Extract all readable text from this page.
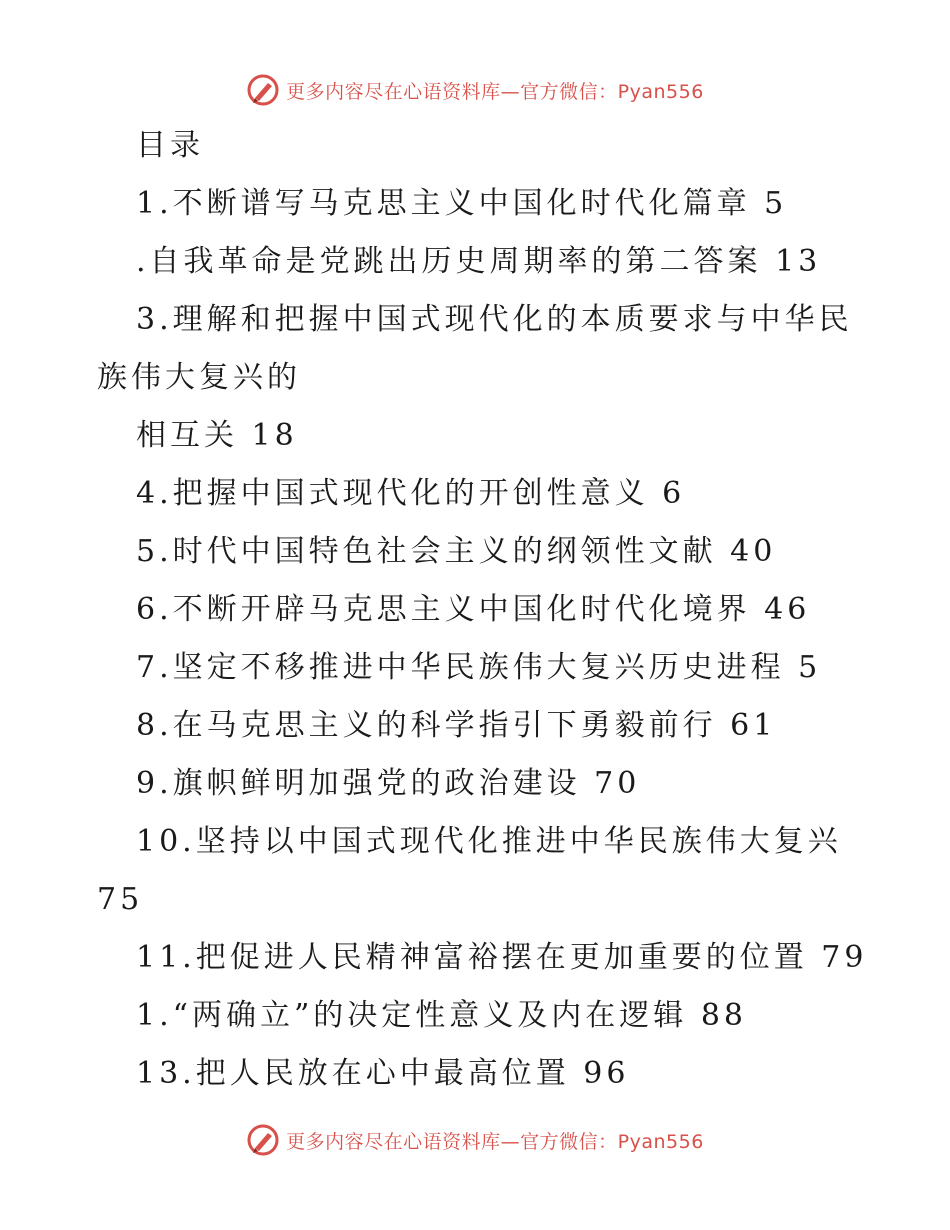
更多内容尽在心语资料库—官方微信：Pyan556
目录
1.不断谱写马克思主义中国化时代化篇章 5
.自我革命是党跳出历史周期率的第二答案 13
3.理解和把握中国式现代化的本质要求与中华民
族伟大复兴的
相互关 18
4.把握中国式现代化的开创性意义 6
5.时代中国特色社会主义的纲领性文献 40
6.不断开辟马克思主义中国化时代化境界 46
7.坚定不移推进中华民族伟大复兴历史进程 5
8.在马克思主义的科学指引下勇毅前行 61
9.旗帜鲜明加强党的政治建设 70
10.坚持以中国式现代化推进中华民族伟大复兴
75
11.把促进人民精神富裕摆在更加重要的位置 79
1.“两确立”的决定性意义及内在逻辑 88
13.把人民放在心中最高位置 96
更多内容尽在心语资料库—官方微信：Pyan556
